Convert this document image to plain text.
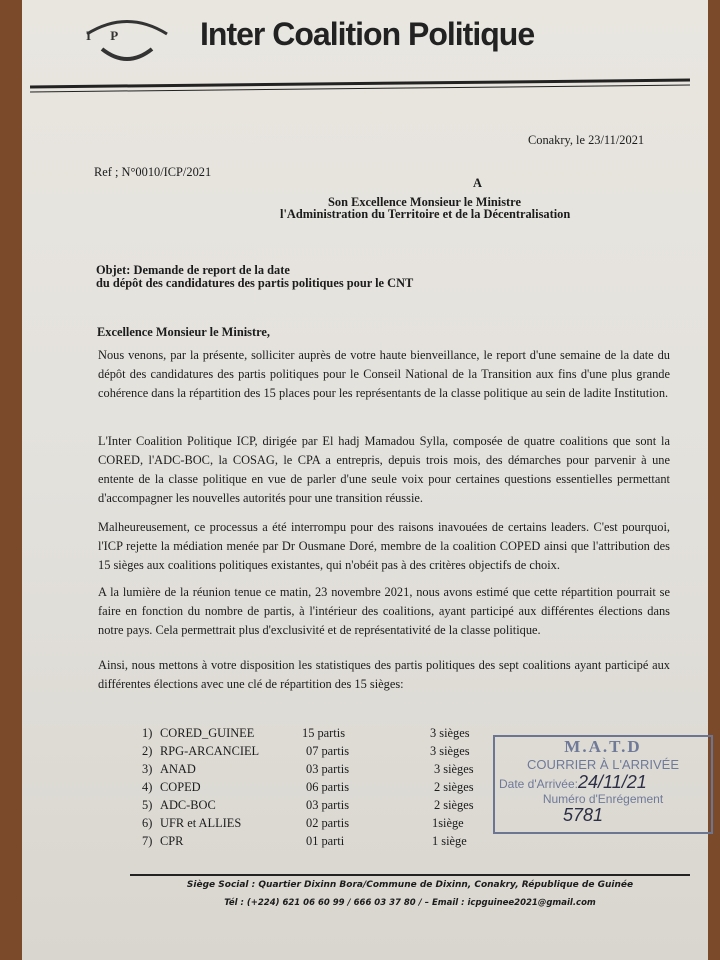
I P Inter Coalition Politique
Conakry, le 23/11/2021
Ref ; N°0010/ICP/2021
A
Son Excellence Monsieur le Ministre
l'Administration du Territoire et de la Décentralisation
Objet: Demande de report de la date
du dépôt des candidatures des partis politiques pour le CNT
Excellence Monsieur le Ministre,
Nous venons, par la présente, solliciter auprès de votre haute bienveillance, le report d'une semaine de la date du dépôt des candidatures des partis politiques pour le Conseil National de la Transition aux fins d'une plus grande cohérence dans la répartition des 15 places pour les représentants de la classe politique au sein de ladite Institution.
L'Inter Coalition Politique ICP, dirigée par El hadj Mamadou Sylla, composée de quatre coalitions que sont la CORED, l'ADC-BOC, la COSAG, le CPA a entrepris, depuis trois mois, des démarches pour parvenir à une entente de la classe politique en vue de parler d'une seule voix pour certaines questions essentielles permettant d'accompagner les nouvelles autorités pour une transition réussie.
Malheureusement, ce processus a été interrompu pour des raisons inavouées de certains leaders. C'est pourquoi, l'ICP rejette la médiation menée par Dr Ousmane Doré, membre de la coalition COPED ainsi que l'attribution des 15 sièges aux coalitions politiques existantes, qui n'obéit pas à des critères objectifs de choix.
A la lumière de la réunion tenue ce matin, 23 novembre 2021, nous avons estimé que cette répartition pourrait se faire en fonction du nombre de partis, à l'intérieur des coalitions, ayant participé aux différentes élections dans notre pays. Cela permettrait plus d'exclusivité et de représentativité de la classe politique.
Ainsi, nous mettons à votre disposition les statistiques des partis politiques des sept coalitions ayant participé aux différentes élections avec une clé de répartition des 15 sièges:
1) CORED_GUINEE	15 partis	3 sièges
2) RPG-ARCANCIEL	07 partis	3 sièges
3) ANAD	03 partis	3 sièges
4) COPED	06 partis	2 sièges
5) ADC-BOC	03 partis	2 sièges
6) UFR et ALLIES	02 partis	1siège
7) CPR	01 parti	1 siège
M.A.T.D
COURRIER À L'ARRIVÉE
Date d'Arrivée:24/11/21
Numéro d'Enrégement
5781
Siège Social : Quartier Dixinn Bora/Commune de Dixinn, Conakry, République de Guinée
Tél : (+224) 621 06 60 99 / 666 03 37 80 / – Email : icpguinee2021@gmail.com
